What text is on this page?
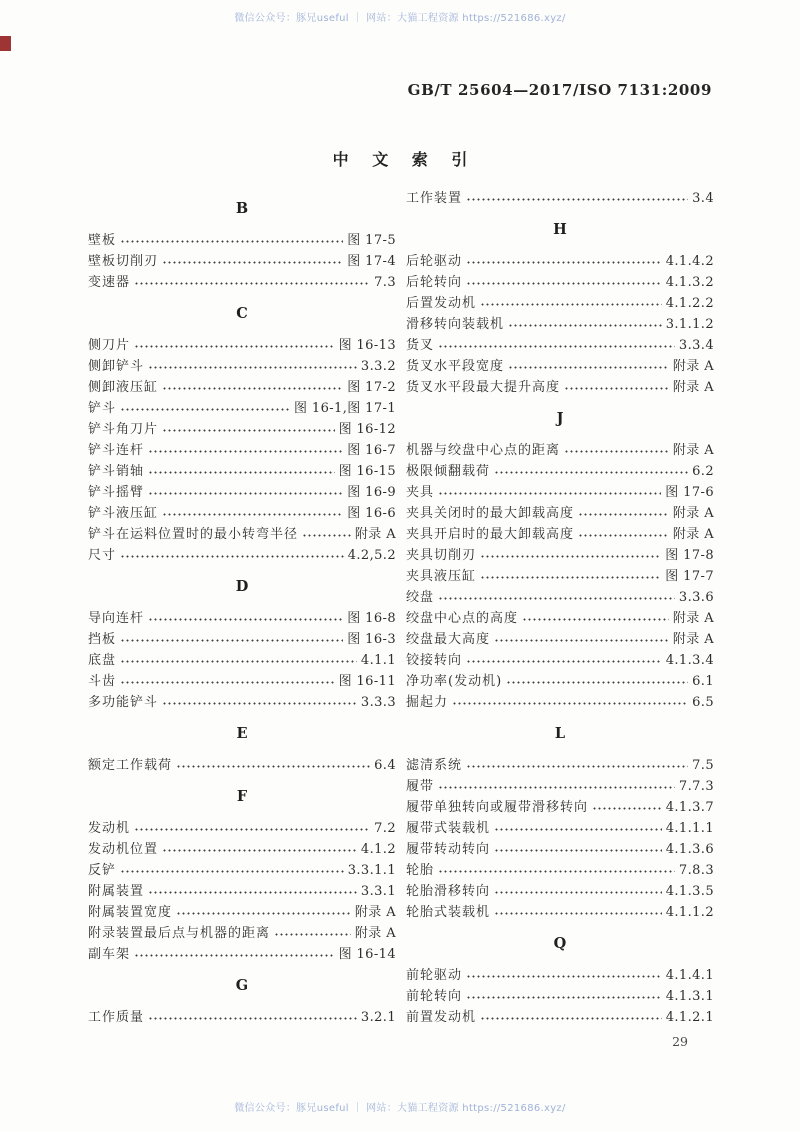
微信公众号：豚兄useful ｜ 网站：大猫工程资源 https://521686.xyz/
GB/T 25604—2017/ISO 7131:2009
中 文 索 引
B
壁板	图 17-5
壁板切削刃	图 17-4
变速器	7.3
C
侧刀片	图 16-13
侧卸铲斗	3.3.2
侧卸液压缸	图 17-2
铲斗	图 16-1,图 17-1
铲斗角刀片	图 16-12
铲斗连杆	图 16-7
铲斗销轴	图 16-15
铲斗摇臂	图 16-9
铲斗液压缸	图 16-6
铲斗在运料位置时的最小转弯半径	附录 A
尺寸	4.2,5.2
D
导向连杆	图 16-8
挡板	图 16-3
底盘	4.1.1
斗齿	图 16-11
多功能铲斗	3.3.3
E
额定工作载荷	6.4
F
发动机	7.2
发动机位置	4.1.2
反铲	3.3.1.1
附属装置	3.3.1
附属装置宽度	附录 A
附录装置最后点与机器的距离	附录 A
副车架	图 16-14
G
工作质量	3.2.1
工作装置	3.4
H
后轮驱动	4.1.4.2
后轮转向	4.1.3.2
后置发动机	4.1.2.2
滑移转向装载机	3.1.1.2
货叉	3.3.4
货叉水平段宽度	附录 A
货叉水平段最大提升高度	附录 A
J
机器与绞盘中心点的距离	附录 A
极限倾翻载荷	6.2
夹具	图 17-6
夹具关闭时的最大卸载高度	附录 A
夹具开启时的最大卸载高度	附录 A
夹具切削刃	图 17-8
夹具液压缸	图 17-7
绞盘	3.3.6
绞盘中心点的高度	附录 A
绞盘最大高度	附录 A
铰接转向	4.1.3.4
净功率(发动机)	6.1
掘起力	6.5
L
滤清系统	7.5
履带	7.7.3
履带单独转向或履带滑移转向	4.1.3.7
履带式装载机	4.1.1.1
履带转动转向	4.1.3.6
轮胎	7.8.3
轮胎滑移转向	4.1.3.5
轮胎式装载机	4.1.1.2
Q
前轮驱动	4.1.4.1
前轮转向	4.1.3.1
前置发动机	4.1.2.1
29
微信公众号：豚兄useful ｜ 网站：大猫工程资源 https://521686.xyz/
